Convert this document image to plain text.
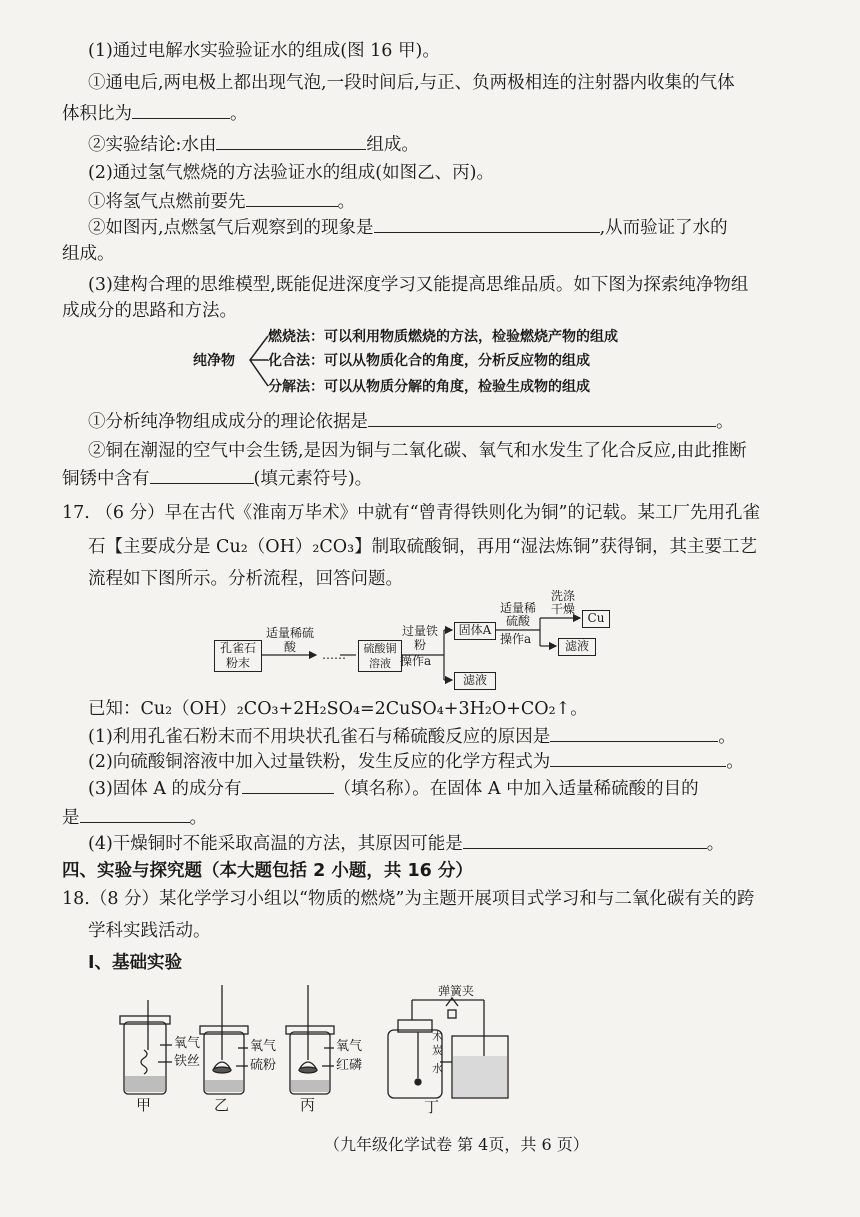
(1)通过电解水实验验证水的组成(图 16 甲)。

①通电后,两电极上都出现气泡,一段时间后,与正、负两极相连的注射器内收集的气体

体积比为	。

②实验结论:水由	组成。

(2)通过氢气燃烧的方法验证水的组成(如图乙、丙)。

①将氢气点燃前要先	。

②如图丙,点燃氢气后观察到的现象是	,从而验证了水的

组成。

(3)建构合理的思维模型,既能促进深度学习又能提高思维品质。如下图为探索纯净物组

成成分的思路和方法。

纯净物

燃烧法：可以利用物质燃烧的方法，检验燃烧产物的组成

化合法：可以从物质化合的角度，分析反应物的组成

分解法：可以从物质分解的角度，检验生成物的组成

①分析纯净物组成成分的理论依据是	。

②铜在潮湿的空气中会生锈,是因为铜与二氧化碳、氧气和水发生了化合反应,由此推断

铜锈中含有	(填元素符号)。

17. （6 分）早在古代《淮南万毕术》中就有“曾青得铁则化为铜”的记载。某工厂先用孔雀

石【主要成分是 Cu₂（OH）₂CO₃】制取硫酸铜，再用“湿法炼铜”获得铜，其主要工艺

流程如下图所示。分析流程，回答问题。

孔雀石粉末
适量稀硫酸
……	硫酸铜溶液
过量铁粉
操作a
固体A
滤液
适量稀硫酸
操作a
洗涤干燥
Cu
滤液

已知：Cu₂（OH）₂CO₃+2H₂SO₄=2CuSO₄+3H₂O+CO₂↑。

(1)利用孔雀石粉末而不用块状孔雀石与稀硫酸反应的原因是	。

(2)向硫酸铜溶液中加入过量铁粉，发生反应的化学方程式为	。

(3)固体 A 的成分有	（填名称）。在固体 A 中加入适量稀硫酸的目的

是	。

(4)干燥铜时不能采取高温的方法，其原因可能是	。

四、实验与探究题（本大题包括 2 小题，共 16 分）

18.（8 分）某化学学习小组以“物质的燃烧”为主题开展项目式学习和与二氧化碳有关的跨

学科实践活动。

Ⅰ、基础实验

氧气
铁丝
甲
氧气
硫粉
乙
氧气
红磷
丙
弹簧夹
木
炭
水
丁

（九年级化学试卷 第 4页，共 6 页）
